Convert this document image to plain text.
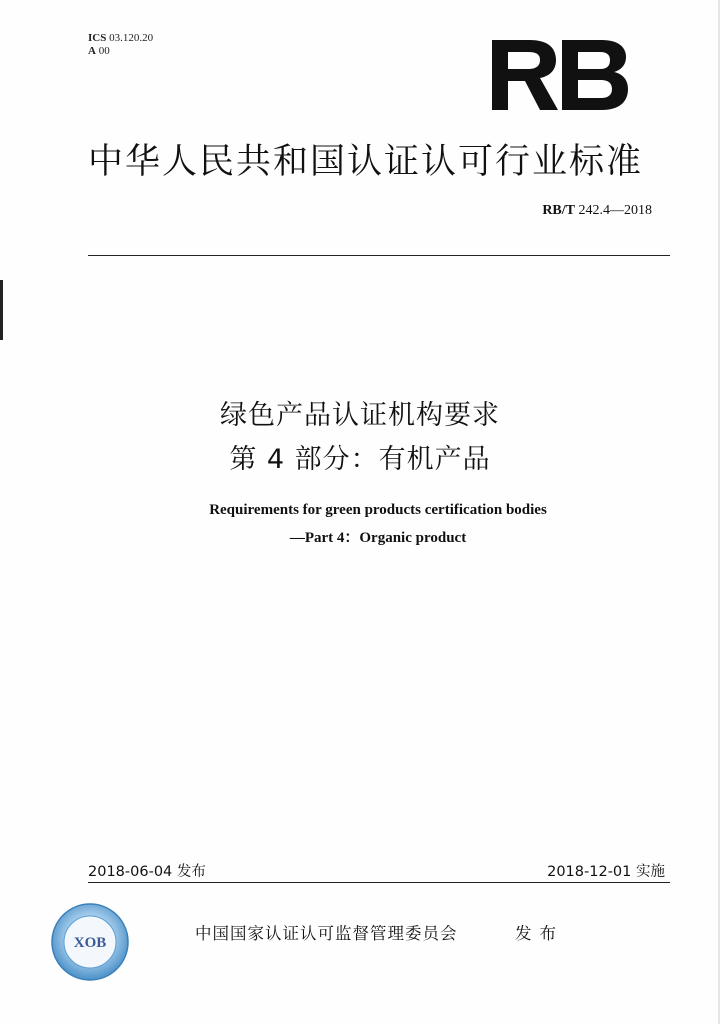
ICS 03.120.20
A 00
中华人民共和国认证认可行业标准
RB/T 242.4—2018
绿色产品认证机构要求
第 4 部分：有机产品
Requirements for green products certification bodies
—Part 4：Organic product
2018-06-04 发布	2018-12-01 实施
XOB	中国国家认证认可监督管理委员会	发布
